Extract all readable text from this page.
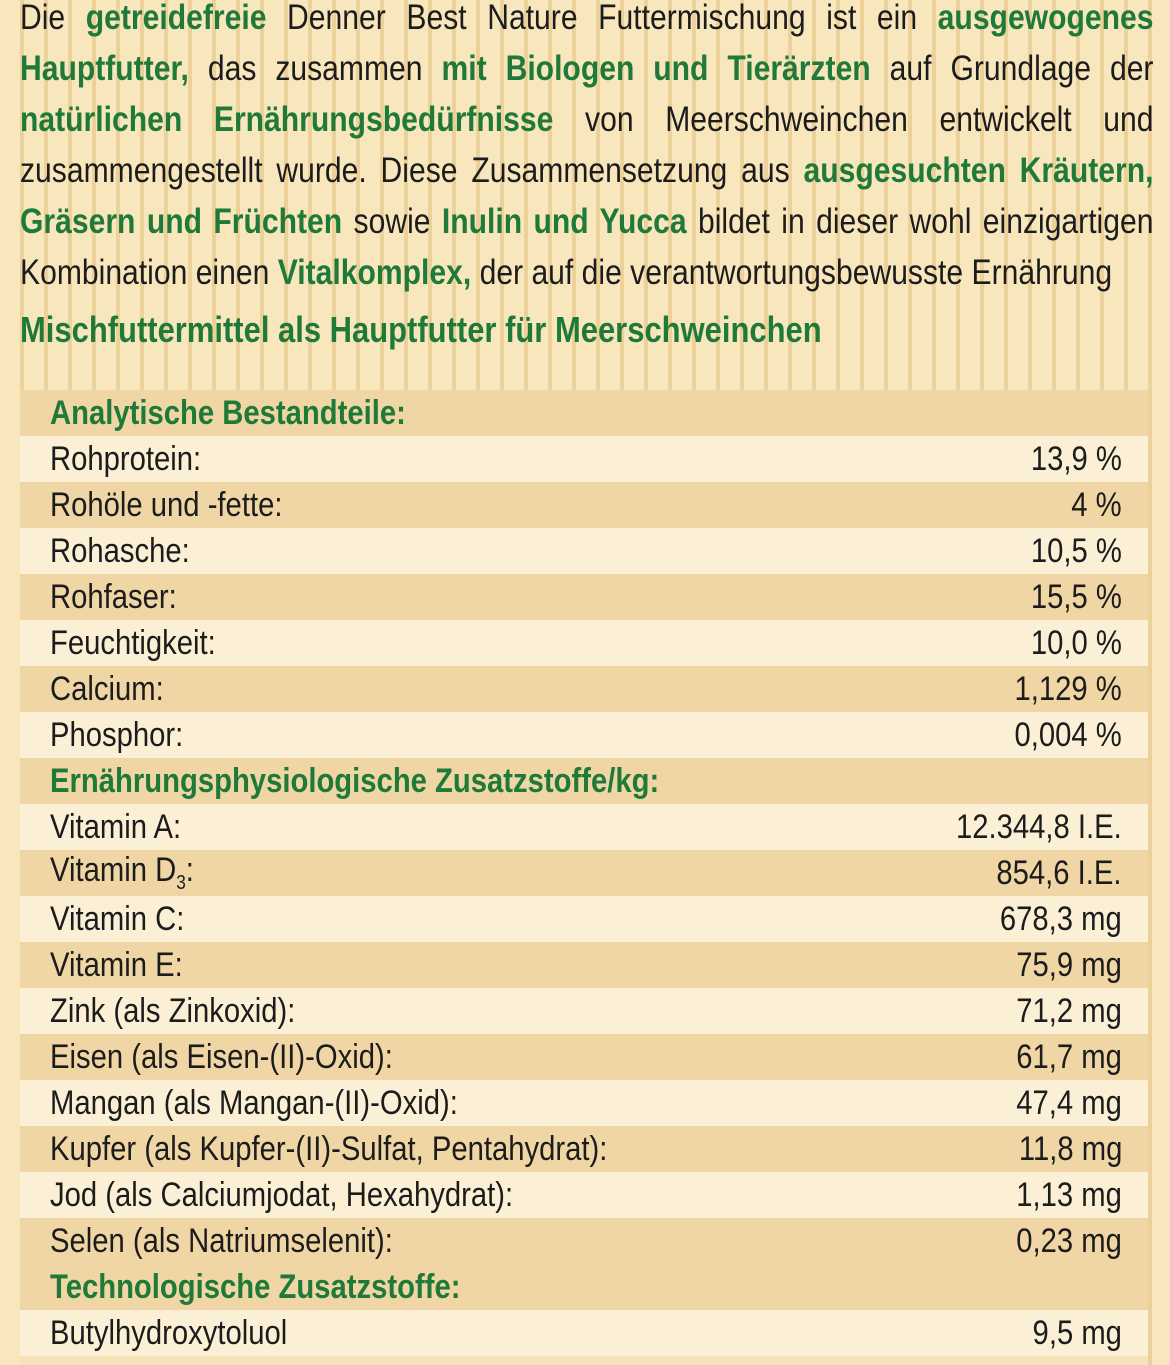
Die getreidefreie Denner Best Nature Futtermischung ist ein ausgewogenes Hauptfutter, das zusammen mit Biologen und Tierärzten auf Grundlage der natürlichen Ernährungsbedürfnisse von Meerschweinchen entwickelt und zusammengestellt wurde. Diese Zusammensetzung aus ausgesuchten Kräutern, Gräsern und Früchten sowie Inulin und Yucca bildet in dieser wohl einzigartigen Kombination einen Vitalkomplex, der auf die verantwortungsbewusste Ernährung
Mischfuttermittel als Hauptfutter für Meerschweinchen
Analytische Bestandteile:
Rohprotein:	13,9 %
Rohöle und -fette:	4 %
Rohasche:	10,5 %
Rohfaser:	15,5 %
Feuchtigkeit:	10,0 %
Calcium:	1,129 %
Phosphor:	0,004 %
Ernährungsphysiologische Zusatzstoffe/kg:
Vitamin A:	12.344,8 I.E.
Vitamin $D_3$:	854,6 I.E.
Vitamin C:	678,3 mg
Vitamin E:	75,9 mg
Zink (als Zinkoxid):	71,2 mg
Eisen (als Eisen-(II)-Oxid):	61,7 mg
Mangan (als Mangan-(II)-Oxid):	47,4 mg
Kupfer (als Kupfer-(II)-Sulfat, Pentahydrat):	11,8 mg
Jod (als Calciumjodat, Hexahydrat):	1,13 mg
Selen (als Natriumselenit):	0,23 mg
Technologische Zusatzstoffe:
Butylhydroxytoluol	9,5 mg
